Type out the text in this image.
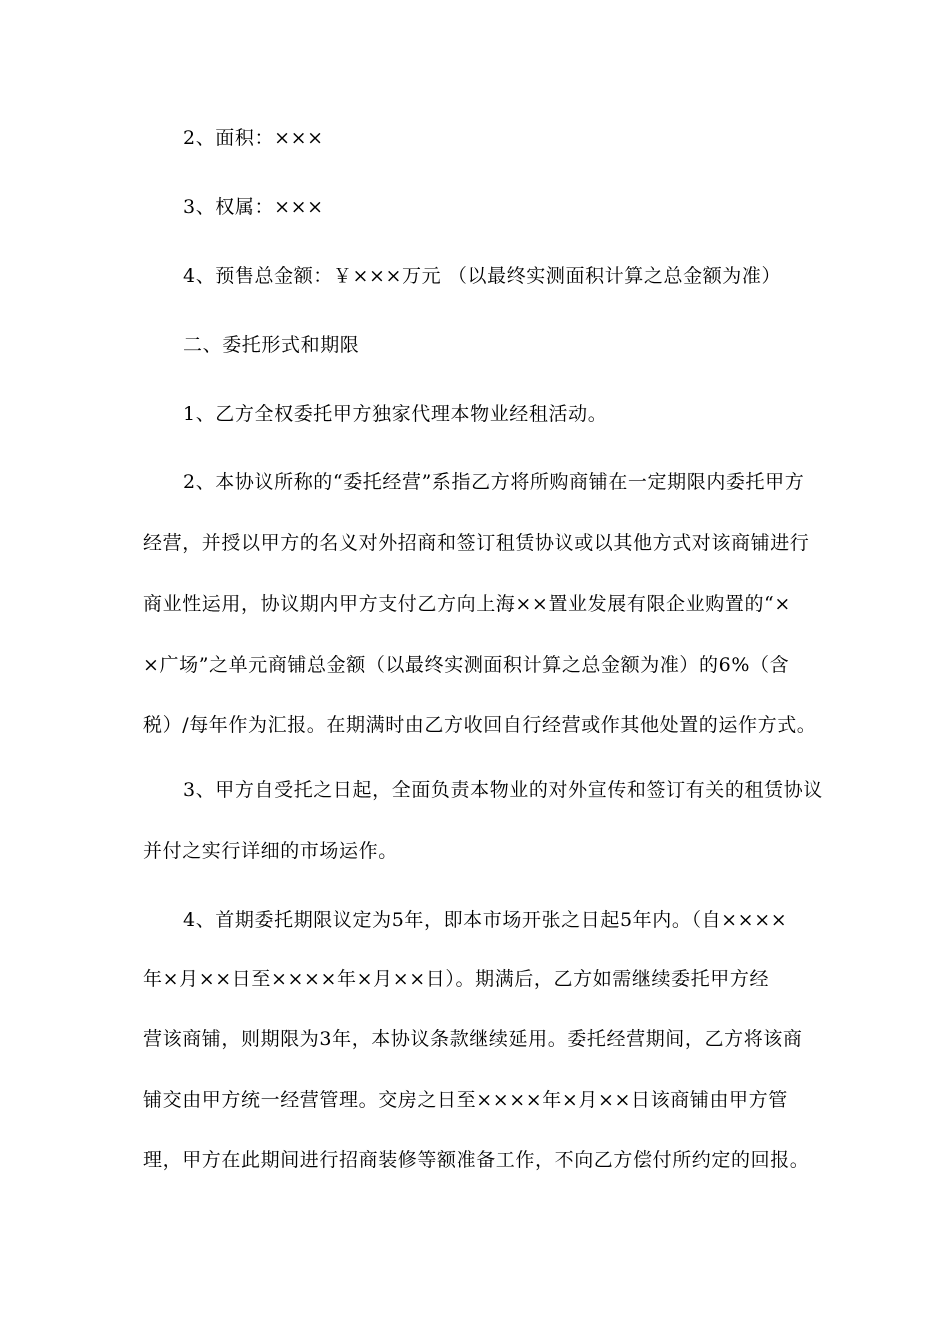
2、面积：×××
3、权属：×××
4、预售总金额：￥×××万元 （以最终实测面积计算之总金额为准）
二、委托形式和期限
1、乙方全权委托甲方独家代理本物业经租活动。
2、本协议所称的“委托经营”系指乙方将所购商铺在一定期限内委托甲方
经营，并授以甲方的名义对外招商和签订租赁协议或以其他方式对该商铺进行
商业性运用，协议期内甲方支付乙方向上海××置业发展有限企业购置的“×
×广场”之单元商铺总金额（以最终实测面积计算之总金额为准）的6%（含
税）/每年作为汇报。在期满时由乙方收回自行经营或作其他处置的运作方式。
3、甲方自受托之日起，全面负责本物业的对外宣传和签订有关的租赁协议
并付之实行详细的市场运作。
4、首期委托期限议定为5年，即本市场开张之日起5年内。（自××××
年×月××日至××××年×月××日）。期满后，乙方如需继续委托甲方经
营该商铺，则期限为3年，本协议条款继续延用。委托经营期间，乙方将该商
铺交由甲方统一经营管理。交房之日至××××年×月××日该商铺由甲方管
理，甲方在此期间进行招商装修等额准备工作，不向乙方偿付所约定的回报。
